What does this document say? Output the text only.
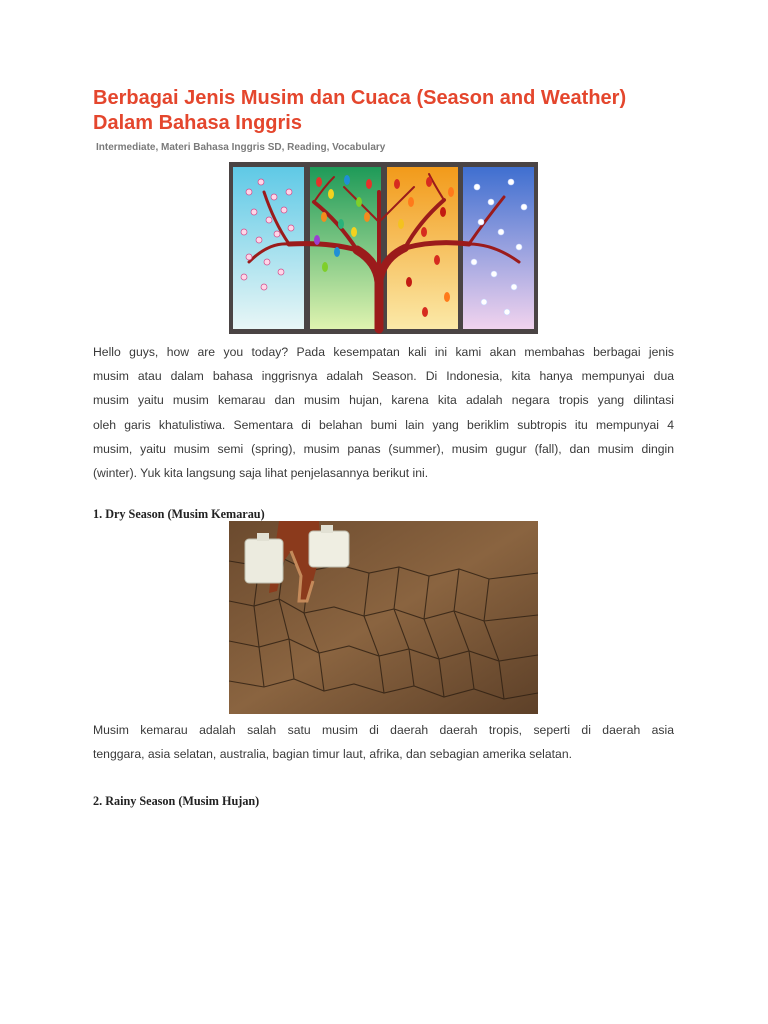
Berbagai Jenis Musim dan Cuaca (Season and Weather)
Dalam Bahasa Inggris

Intermediate, Materi Bahasa Inggris SD, Reading, Vocabulary

Hello guys, how are you today? Pada kesempatan kali ini kami akan membahas berbagai jenis
musim atau dalam bahasa inggrisnya adalah Season. Di Indonesia, kita hanya mempunyai dua
musim yaitu musim kemarau dan musim hujan, karena kita adalah negara tropis yang dilintasi
oleh garis khatulistiwa. Sementara di belahan bumi lain yang beriklim subtropis itu mempunyai 4
musim, yaitu musim semi (spring), musim panas (summer), musim gugur (fall), dan musim dingin
(winter). Yuk kita langsung saja lihat penjelasannya berikut ini.

1. Dry Season (Musim Kemarau)

Musim kemarau adalah salah satu musim di daerah daerah tropis, seperti di daerah asia
tenggara, asia selatan, australia, bagian timur laut, afrika, dan sebagian amerika selatan.

2. Rainy Season (Musim Hujan)
